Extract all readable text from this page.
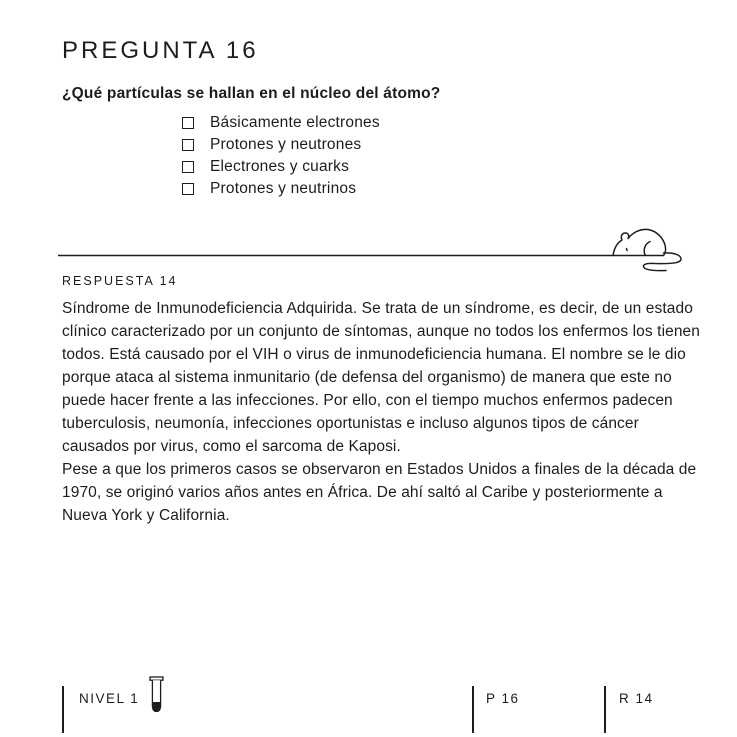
PREGUNTA 16
¿Qué partículas se hallan en el núcleo del átomo?
Básicamente electrones
Protones y neutrones
Electrones y cuarks
Protones y neutrinos
RESPUESTA 14

Síndrome de Inmunodeficiencia Adquirida. Se trata de un síndrome, es decir, de un estado clínico caracterizado por un conjunto de síntomas, aunque no todos los enfermos los tienen todos. Está causado por el VIH o virus de inmunodeficiencia humana. El nombre se le dio porque ataca al sistema inmunitario (de defensa del organismo) de manera que este no puede hacer frente a las infecciones. Por ello, con el tiempo muchos enfermos padecen tuberculosis, neumonía, infecciones oportunistas e incluso algunos tipos de cáncer causados por virus, como el sarcoma de Kaposi.

Pese a que los primeros casos se observaron en Estados Unidos a finales de la década de 1970, se originó varios años antes en África. De ahí saltó al Caribe y posteriormente a Nueva York y California.

NIVEL 1	P 16	R 14
